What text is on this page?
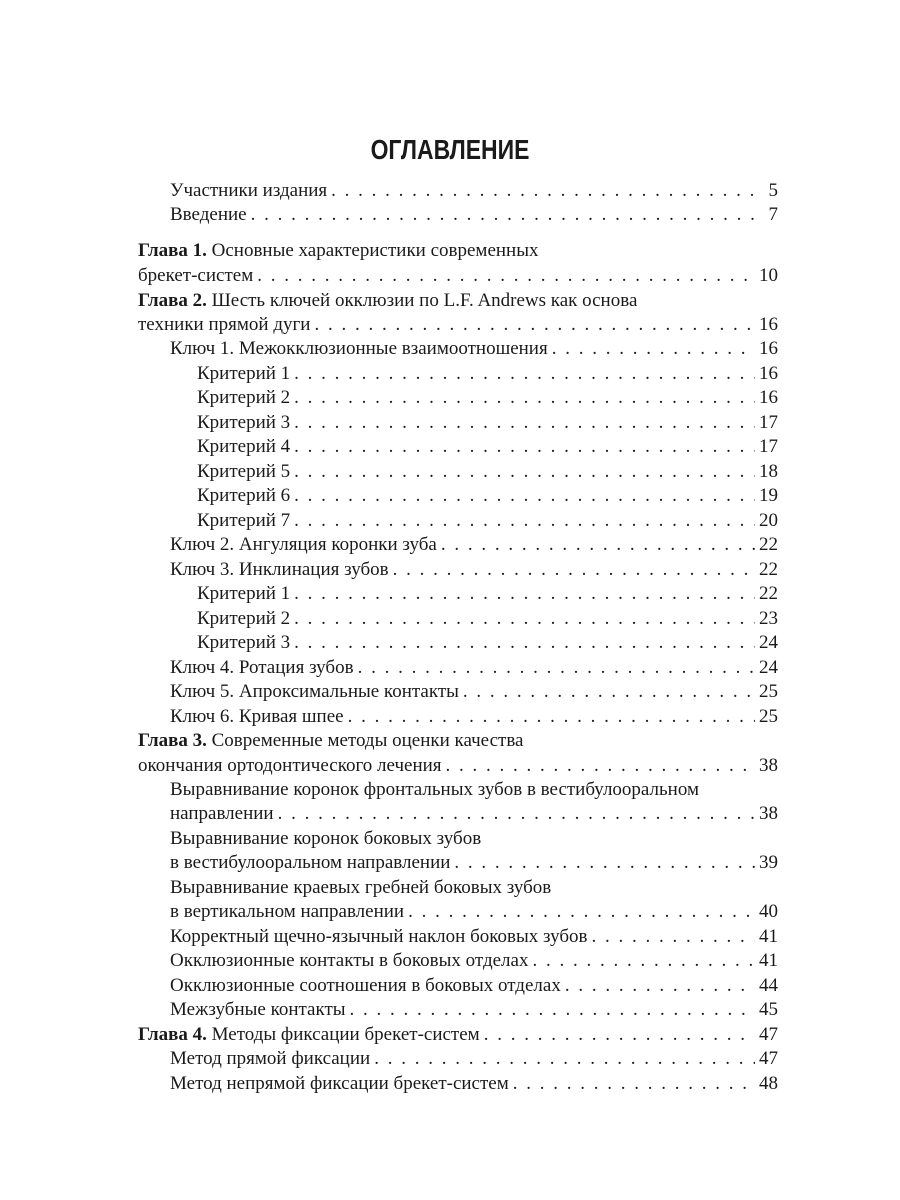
ОГЛАВЛЕНИЕ
Участники издания . . .	5
Введение . . .	7
Глава 1. Основные характеристики современных
брекет-систем . . .	10
Глава 2. Шесть ключей окклюзии по L.F. Andrews как основа
техники прямой дуги . . .	16
Ключ 1. Межокклюзионные взаимоотношения . . .	16
Критерий 1 . . .	16
Критерий 2 . . .	16
Критерий 3 . . .	17
Критерий 4 . . .	17
Критерий 5 . . .	18
Критерий 6 . . .	19
Критерий 7 . . .	20
Ключ 2. Ангуляция коронки зуба . . .	22
Ключ 3. Инклинация зубов . . .	22
Критерий 1 . . .	22
Критерий 2 . . .	23
Критерий 3 . . .	24
Ключ 4. Ротация зубов . . .	24
Ключ 5. Апроксимальные контакты . . .	25
Ключ 6. Кривая шпее . . .	25
Глава 3. Современные методы оценки качества
окончания ортодонтического лечения . . .	38
Выравнивание коронок фронтальных зубов в вестибулооральном
направлении . . .	38
Выравнивание коронок боковых зубов
в вестибулоoральном направлении . . .	39
Выравнивание краевых гребней боковых зубов
в вертикальном направлении . . .	40
Корректный щечно-язычный наклон боковых зубов . . .	41
Окклюзионные контакты в боковых отделах . . .	41
Окклюзионные соотношения в боковых отделах . . .	44
Межзубные контакты . . .	45
Глава 4. Методы фиксации брекет-систем . . .	47
Метод прямой фиксации . . .	47
Метод непрямой фиксации брекет-систем . . .	48
